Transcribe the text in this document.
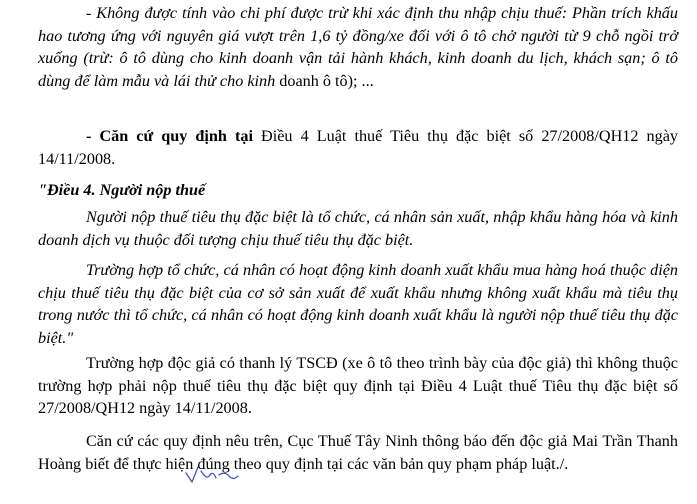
- Không được tính vào chi phí được trừ khi xác định thu nhập chịu thuế: Phần trích khấu hao tương ứng với nguyên giá vượt trên 1,6 tỷ đồng/xe đối với ô tô chở người từ 9 chỗ ngồi trở xuống (trừ: ô tô dùng cho kinh doanh vận tải hành khách, kinh doanh du lịch, khách sạn; ô tô dùng để làm mẫu và lái thử cho kinh doanh ô tô); ...

- Căn cứ quy định tại Điều 4 Luật thuế Tiêu thụ đặc biệt số 27/2008/QH12 ngày 14/11/2008.

"Điều 4. Người nộp thuế

Người nộp thuế tiêu thụ đặc biệt là tổ chức, cá nhân sản xuất, nhập khẩu hàng hóa và kinh doanh dịch vụ thuộc đối tượng chịu thuế tiêu thụ đặc biệt.

Trường hợp tổ chức, cá nhân có hoạt động kinh doanh xuất khẩu mua hàng hoá thuộc diện chịu thuế tiêu thụ đặc biệt của cơ sở sản xuất để xuất khẩu nhưng không xuất khẩu mà tiêu thụ trong nước thì tổ chức, cá nhân có hoạt động kinh doanh xuất khẩu là người nộp thuế tiêu thụ đặc biệt."

Trường hợp độc giả có thanh lý TSCĐ (xe ô tô theo trình bày của độc giả) thì không thuộc trường hợp phải nộp thuế tiêu thụ đặc biệt quy định tại Điều 4 Luật thuế Tiêu thụ đặc biệt số 27/2008/QH12 ngày 14/11/2008.

Căn cứ các quy định nêu trên, Cục Thuế Tây Ninh thông báo đến độc giả Mai Trần Thanh Hoàng biết để thực hiện đúng theo quy định tại các văn bản quy phạm pháp luật./.
